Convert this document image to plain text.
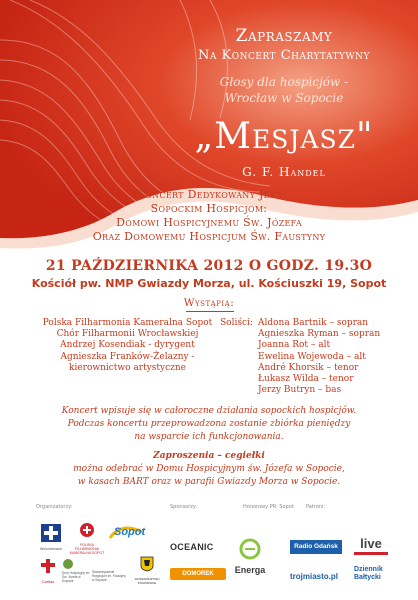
Zapraszamy
Na Koncert Charytatywny
Głosy dla hospicjów -
Wrocław w Sopocie
„Mesjasz"
G. F. Handel
Koncert Dedykowany Jest
Sopockim Hospicjom:
Domowi Hospicyjnemu Św. Józefa
Oraz Domowemu Hospicjum Św. Faustyny
21 PAŹDZIERNIKA 2012 O GODZ. 19.3O
Kościół pw. NMP Gwiazdy Morza, ul. Kościuszki 19, Sopot
Wystąpią:
Polska Filharmonia Kameralna Sopot
Chór Filharmonii Wrocławskiej
Andrzej Kosendiak - dyrygent
Agnieszka Franków-Żelazny -
kierownictwo artystyczne
Soliści: Aldona Bartnik – sopran
Agnieszka Ryman – sopran
Joanna Rot – alt
Ewelina Wojewoda – alt
André Khorsik – tenor
Łukasz Wilda – tenor
Jerzy Butryn – bas
Koncert wpisuje się w całoroczne działania sopockich hospicjów.
Podczas koncertu przeprowadzona zostanie zbiórka pieniędzy
na wsparcie ich funkcjonowania.
Zaproszenia – cegiełki
można odebrać w Domu Hospicyjnym św. Józefa w Sopocie,
w kasach BART oraz w parafii Gwiazdy Morza w Sopocie.
Organizatorzy:	Sponsorzy:	Honorowy PR: Sopot Patroni:
Wolontariusze
POLSKA FILHARMONIA KAMERALNA SOPOT
Sopot
Caritas
Dom Hospicyjny im. Św. Józefa w Sopocie
Stowarzyszenie Hospicjum im. Faustyny w Sopocie	WOJEWÓDZTWO POMORSKIE
OCEANIC
DOMOREK	Energa
Radio Gdańsk	live
trojmiasto.pl
Dziennik
Bałtycki
